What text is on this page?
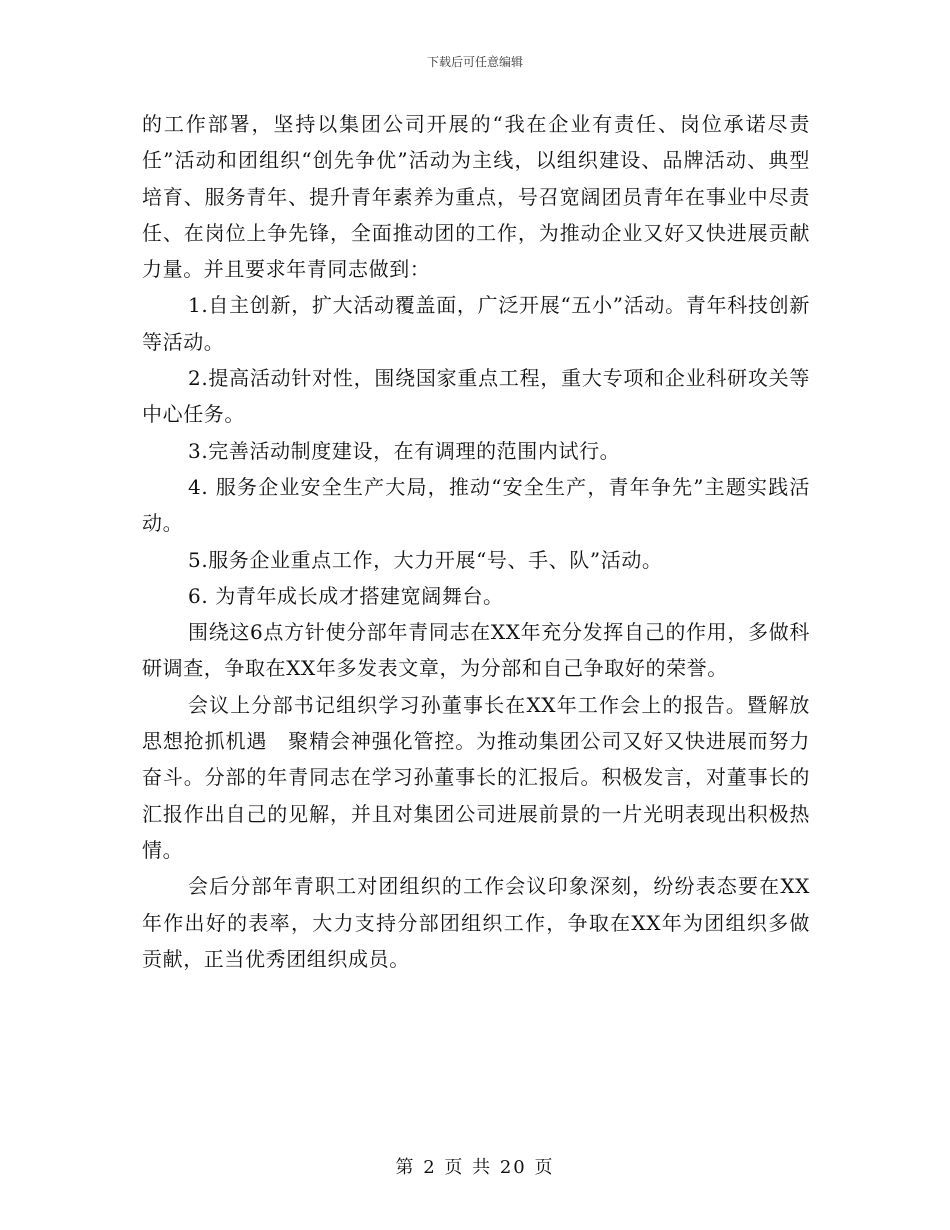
下载后可任意编辑

的工作部署，坚持以集团公司开展的“我在企业有责任、岗位承诺尽责任”活动和团组织“创先争优”活动为主线，以组织建设、品牌活动、典型培育、服务青年、提升青年素养为重点，号召宽阔团员青年在事业中尽责任、在岗位上争先锋，全面推动团的工作，为推动企业又好又快进展贡献力量。并且要求年青同志做到：

1.自主创新，扩大活动覆盖面，广泛开展“五小”活动。青年科技创新等活动。

2.提高活动针对性，围绕国家重点工程，重大专项和企业科研攻关等中心任务。

3.完善活动制度建设，在有调理的范围内试行。

4. 服务企业安全生产大局，推动“安全生产，青年争先”主题实践活动。

5.服务企业重点工作，大力开展“号、手、队”活动。

6. 为青年成长成才搭建宽阔舞台。

围绕这6点方针使分部年青同志在XX年充分发挥自己的作用，多做科研调查，争取在XX年多发表文章，为分部和自己争取好的荣誉。

会议上分部书记组织学习孙董事长在XX年工作会上的报告。暨解放思想抢抓机遇　聚精会神强化管控。为推动集团公司又好又快进展而努力奋斗。分部的年青同志在学习孙董事长的汇报后。积极发言，对董事长的汇报作出自己的见解，并且对集团公司进展前景的一片光明表现出积极热情。

会后分部年青职工对团组织的工作会议印象深刻，纷纷表态要在XX年作出好的表率，大力支持分部团组织工作，争取在XX年为团组织多做贡献，正当优秀团组织成员。

第 2 页 共 20 页
